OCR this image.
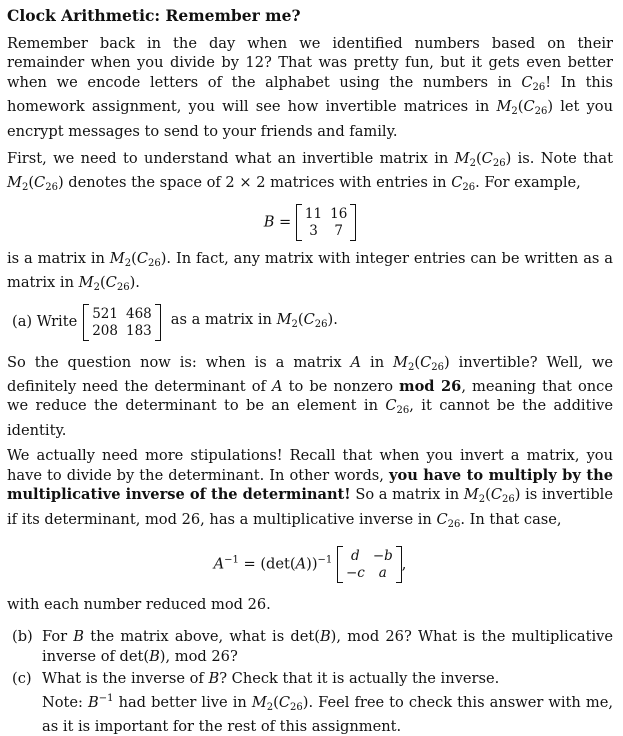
Clock Arithmetic: Remember me?

Remember back in the day when we identified numbers based on their remainder when you divide by 12? That was pretty fun, but it gets even better when we encode letters of the alphabet using the numbers in $C_{26}$! In this homework assignment, you will see how invertible matrices in $M_2(C_{26})$ let you encrypt messages to send to your friends and family.

First, we need to understand what an invertible matrix in $M_2(C_{26})$ is. Note that $M_2(C_{26})$ denotes the space of 2 × 2 matrices with entries in $C_{26}$. For example,

B = 11 16
3	7

is a matrix in $M_2(C_{26})$. In fact, any matrix with integer entries can be written as a matrix in $M_2(C_{26})$.

(a) Write 521 468
208 183
as a matrix in $M_2(C_{26})$.

So the question now is: when is a matrix A in $M_2(C_{26})$ invertible? Well, we definitely need the determinant of A to be nonzero mod 26, meaning that once we reduce the determinant to be an element in $C_{26}$, it cannot be the additive identity.

We actually need more stipulations! Recall that when you invert a matrix, you have to divide by the determinant. In other words, you have to multiply by the multiplicative inverse of the determinant! So a matrix in $M_2(C_{26})$ is invertible if its determinant, mod 26, has a multiplicative inverse in $C_{26}$. In that case,

$A^{-1} = (\det(A))^{-1}$	d −b
−c	a
,

with each number reduced mod 26.

(b) For B the matrix above, what is det(B), mod 26? What is the multiplicative inverse of det(B), mod 26?
(c) What is the inverse of B? Check that it is actually the inverse.
Note: $B^{-1}$ had better live in $M_2(C_{26})$. Feel free to check this answer with me, as it is important for the rest of this assignment.
